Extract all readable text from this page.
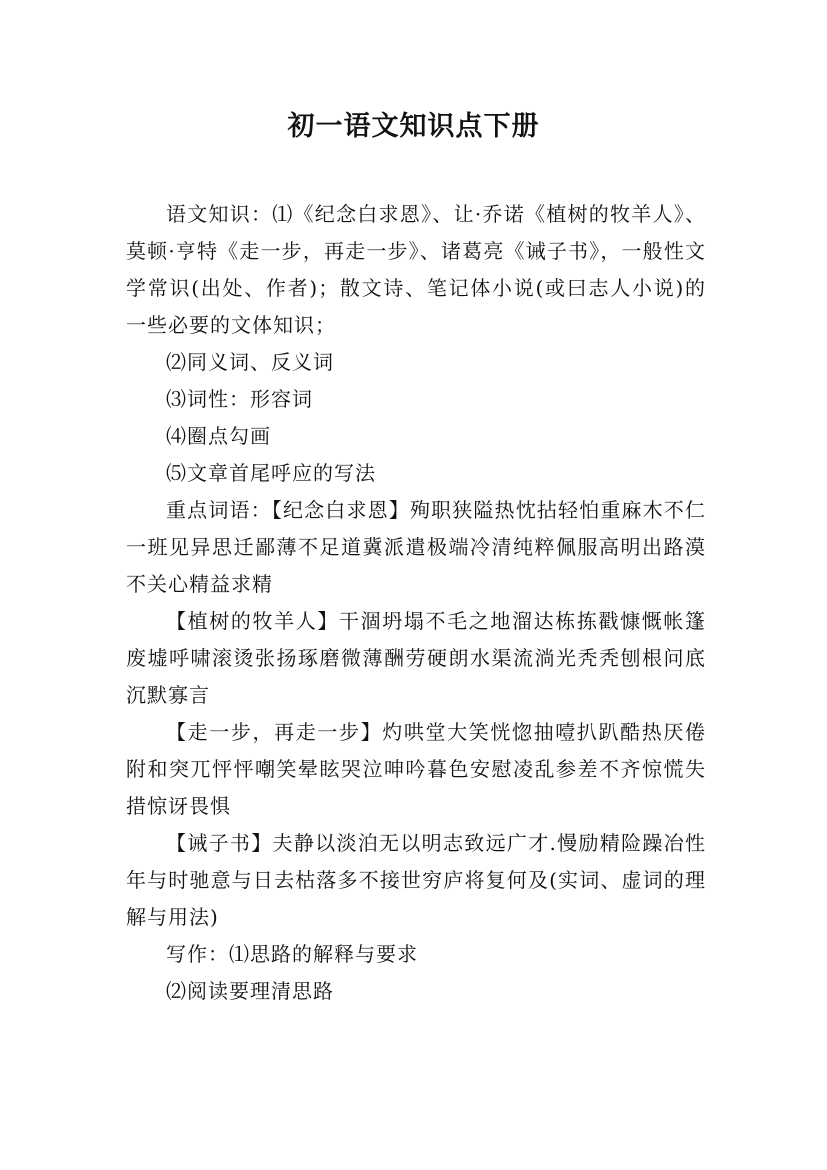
初一语文知识点下册

语文知识：⑴《纪念白求恩》、让·乔诺《植树的牧羊人》、莫顿·亨特《走一步，再走一步》、诸葛亮《诫子书》，一般性文学常识(出处、作者)；散文诗、笔记体小说(或曰志人小说)的一些必要的文体知识；

⑵同义词、反义词

⑶词性：形容词

⑷圈点勾画

⑸文章首尾呼应的写法

重点词语：【纪念白求恩】殉职狭隘热忱拈轻怕重麻木不仁一班见异思迁鄙薄不足道冀派遣极端冷清纯粹佩服高明出路漠不关心精益求精

【植树的牧羊人】干涸坍塌不毛之地溜达栋拣戳慷慨帐篷废墟呼啸滚烫张扬琢磨微薄酬劳硬朗水渠流淌光秃秃刨根问底沉默寡言

【走一步，再走一步】灼哄堂大笑恍惚抽噎扒趴酷热厌倦附和突兀怦怦嘲笑晕眩哭泣呻吟暮色安慰凌乱参差不齐惊慌失措惊讶畏惧

【诫子书】夫静以淡泊无以明志致远广才.慢励精险躁冶性年与时驰意与日去枯落多不接世穷庐将复何及(实词、虚词的理解与用法)

写作：⑴思路的解释与要求

⑵阅读要理清思路
